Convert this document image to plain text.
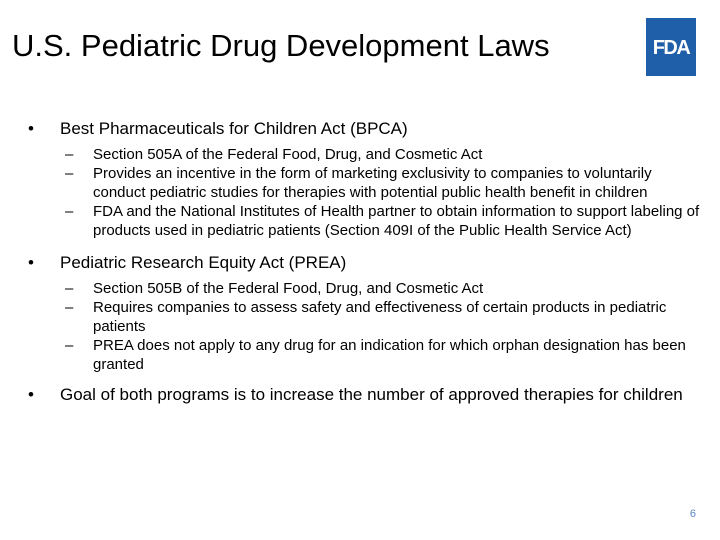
U.S. Pediatric Drug Development Laws	FDA
•	Best Pharmaceuticals for Children Act (BPCA)
–	Section 505A of the Federal Food, Drug, and Cosmetic Act
–	Provides an incentive in the form of marketing exclusivity to companies to voluntarily conduct pediatric studies for therapies with potential public health benefit in children
–	FDA and the National Institutes of Health partner to obtain information to support labeling of products used in pediatric patients (Section 409I of the Public Health Service Act)
•	Pediatric Research Equity Act (PREA)
–	Section 505B of the Federal Food, Drug, and Cosmetic Act
–	Requires companies to assess safety and effectiveness of certain products in pediatric patients
–	PREA does not apply to any drug for an indication for which orphan designation has been granted
•	Goal of both programs is to increase the number of approved therapies for children
6
